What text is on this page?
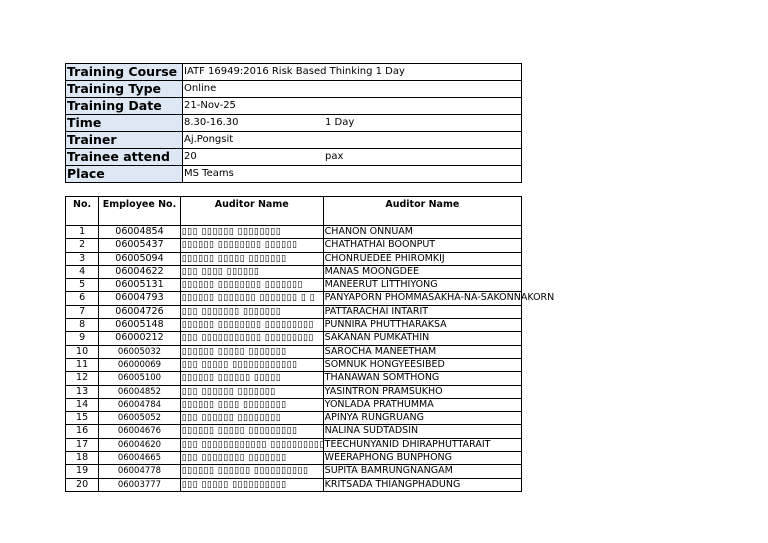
Training Course	IATF 16949:2016 Risk Based Thinking 1 Day
Training Type	Online
Training Date	21-Nov-25
Time	8.30-16.30 1 Day

Trainer	Aj.Pongsit
Trainee attend	20 pax

Place	MS Teams
No.	Employee No.	Auditor Name	Auditor Name
1	06004854	▯▯▯ ▯▯▯▯▯▯ ▯▯▯▯▯▯▯▯	CHANON ONNUAM
2	06005437	▯▯▯▯▯▯ ▯▯▯▯▯▯▯▯ ▯▯▯▯▯▯	CHATHATHAI BOONPUT
3	06005094	▯▯▯▯▯▯ ▯▯▯▯▯ ▯▯▯▯▯▯▯	CHONRUEDEE PHIROMKIJ
4	06004622	▯▯▯ ▯▯▯▯ ▯▯▯▯▯▯	MANAS MOONGDEE
5	06005131	▯▯▯▯▯▯ ▯▯▯▯▯▯▯▯ ▯▯▯▯▯▯▯	MANEERUT LITTHIYONG
6	06004793	▯▯▯▯▯▯ ▯▯▯▯▯▯▯ ▯▯▯▯▯▯▯ ▯ ▯	PANYAPORN PHOMMASAKHA-NA-SAKONNAKORN
7	06004726	▯▯▯ ▯▯▯▯▯▯▯ ▯▯▯▯▯▯▯	PATTARACHAI INTARIT
8	06005148	▯▯▯▯▯▯ ▯▯▯▯▯▯▯▯ ▯▯▯▯▯▯▯▯▯	PUNNIRA PHUTTHARAKSA
9	06000212	▯▯▯ ▯▯▯▯▯▯▯▯▯▯▯ ▯▯▯▯▯▯▯▯▯	SAKANAN PUMKATHIN
10	06005032	▯▯▯▯▯▯ ▯▯▯▯▯ ▯▯▯▯▯▯▯	SAROCHA MANEETHAM
11	06000069	▯▯▯ ▯▯▯▯▯ ▯▯▯▯▯▯▯▯▯▯▯▯	SOMNUK HONGYEESIBED
12	06005100	▯▯▯▯▯▯ ▯▯▯▯▯▯ ▯▯▯▯▯	THANAWAN SOMTHONG
13	06004852	▯▯▯ ▯▯▯▯▯▯ ▯▯▯▯▯▯▯	YASINTRON PRAMSUKHO
14	06004784	▯▯▯▯▯▯ ▯▯▯▯ ▯▯▯▯▯▯▯▯	YONLADA PRATHUMMA
15	06005052	▯▯▯ ▯▯▯▯▯▯ ▯▯▯▯▯▯▯▯	APINYA RUNGRUANG
16	06004676	▯▯▯▯▯▯ ▯▯▯▯▯ ▯▯▯▯▯▯▯▯▯	NALINA SUDTADSIN
17	06004620	▯▯▯ ▯▯▯▯▯▯▯▯▯▯▯▯ ▯▯▯▯▯▯▯▯▯▯	TEECHUNYANID DHIRAPHUTTARAIT
18	06004665	▯▯▯ ▯▯▯▯▯▯▯▯ ▯▯▯▯▯▯▯	WEERAPHONG BUNPHONG
19	06004778	▯▯▯▯▯▯ ▯▯▯▯▯▯ ▯▯▯▯▯▯▯▯▯▯	SUPITA BAMRUNGNANGAM
20	06003777	▯▯▯ ▯▯▯▯▯ ▯▯▯▯▯▯▯▯▯▯	KRITSADA THIANGPHADUNG
